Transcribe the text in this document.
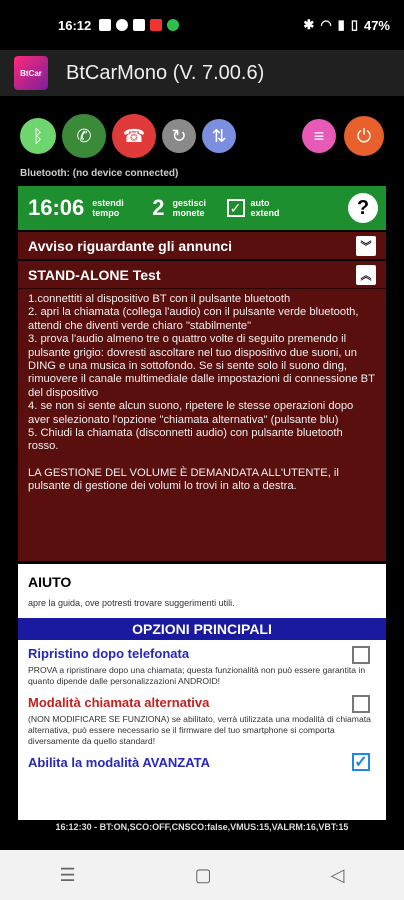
16:12	✱ ◠ ▮ ▯ 47%
BtCar BtCarMono (V. 7.00.6)
ᛒ ✆ ☎ ↻ ⇅	≡ ⏻
Bluetooth: (no device connected)
16:06 estendi
tempo	2 gestisci
monete	✓ auto
extend	?
Avviso riguardante gli annunci	︾
STAND-ALONE Test	︽

1.connettiti al dispositivo BT con il pulsante bluetooth

2. apri la chiamata (collega l'audio) con il pulsante verde bluetooth, attendi che diventi verde chiaro "stabilmente"

3. prova l'audio almeno tre o quattro volte di seguito premendo il pulsante grigio: dovresti ascoltare nel tuo dispositivo due suoni, un DING e una musica in sottofondo. Se si sente solo il suono ding, rimuovere il canale multimediale dalle impostazioni di connessione BT del dispositivo

4. se non si sente alcun suono, ripetere le stesse operazioni dopo aver selezionato l'opzione "chiamata alternativa" (pulsante blu)

5. Chiudi la chiamata (disconnetti audio) con pulsante bluetooth rosso.

LA GESTIONE DEL VOLUME È DEMANDATA ALL'UTENTE, il pulsante di gestione dei volumi lo trovi in alto a destra.

AIUTO
apre la guida, ove potresti trovare suggerimenti utili.
OPZIONI PRINCIPALI
Ripristino dopo telefonata
PROVA a ripristinare dopo una chiamata; questa funzionalità non può essere garantita in quanto dipende dalle personalizzazioni ANDROID!
Modalità chiamata alternativa
(NON MODIFICARE SE FUNZIONA) se abilitato, verrà utilizzata una modalità di chiamata alternativa, può essere necessario se il firmware del tuo smartphone si comporta diversamente da quello standard!
Abilita la modalità AVANZATA	✓
16:12:30 - BT:ON,SCO:OFF,CNSCO:false,VMUS:15,VALRM:16,VBT:15
☰	▢	◁
